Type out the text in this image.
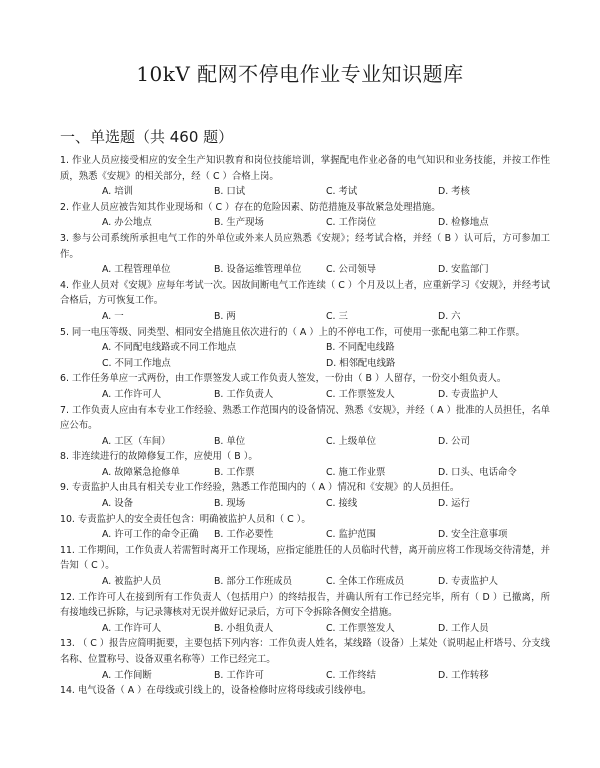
10kV 配网不停电作业专业知识题库
一、单选题（共 460 题）
1. 作业人员应接受相应的安全生产知识教育和岗位技能培训，掌握配电作业必备的电气知识和业务技能，并按工作性质，熟悉《安规》的相关部分，经（ C ）合格上岗。
A. 培训	B. 口试	C. 考试	D. 考核
2. 作业人员应被告知其作业现场和（ C ）存在的危险因素、防范措施及事故紧急处理措施。
A. 办公地点	B. 生产现场	C. 工作岗位	D. 检修地点
3. 参与公司系统所承担电气工作的外单位或外来人员应熟悉《安规》；经考试合格，并经（ B ）认可后，方可参加工作。
A. 工程管理单位	B. 设备运维管理单位	C. 公司领导	D. 安监部门
4. 作业人员对《安规》应每年考试一次。因故间断电气工作连续（ C ）个月及以上者，应重新学习《安规》，并经考试合格后，方可恢复工作。
A. 一	B. 两	C. 三	D. 六
5. 同一电压等级、同类型、相同安全措施且依次进行的（ A ）上的不停电工作，可使用一张配电第二种工作票。
A. 不同配电线路或不同工作地点	B. 不同配电线路
C. 不同工作地点	D. 相邻配电线路
6. 工作任务单应一式两份，由工作票签发人或工作负责人签发，一份由（ B ）人留存，一份交小组负责人。
A. 工作许可人	B. 工作负责人	C. 工作票签发人	D. 专责监护人
7. 工作负责人应由有本专业工作经验、熟悉工作范围内的设备情况、熟悉《安规》，并经（ A ）批准的人员担任，名单应公布。
A. 工区（车间）	B. 单位	C. 上级单位	D. 公司
8. 非连续进行的故障修复工作，应使用（ B ）。
A. 故障紧急抢修单	B. 工作票	C. 施工作业票	D. 口头、电话命令
9. 专责监护人由具有相关专业工作经验，熟悉工作范围内的（ A ）情况和《安规》的人员担任。
A. 设备	B. 现场	C. 接线	D. 运行
10. 专责监护人的安全责任包含：明确被监护人员和（ C ）。
A. 许可工作的命令正确	B. 工作必要性	C. 监护范围	D. 安全注意事项
11. 工作期间，工作负责人若需暂时离开工作现场，应指定能胜任的人员临时代替，离开前应将工作现场交待清楚，并告知（ C ）。
A. 被监护人员	B. 部分工作班成员	C. 全体工作班成员	D. 专责监护人
12. 工作许可人在接到所有工作负责人（包括用户）的终结报告，并确认所有工作已经完毕，所有（ D ）已撤离，所有接地线已拆除，与记录簿核对无误并做好记录后，方可下令拆除各侧安全措施。
A. 工作许可人	B. 小组负责人	C. 工作票签发人	D. 工作人员
13. （ C ）报告应简明扼要，主要包括下列内容：工作负责人姓名，某线路（设备）上某处（说明起止杆塔号、分支线名称、位置称号、设备双重名称等）工作已经完工。
A. 工作间断	B. 工作许可	C. 工作终结	D. 工作转移
14. 电气设备（ A ）在母线或引线上的，设备检修时应将母线或引线停电。
